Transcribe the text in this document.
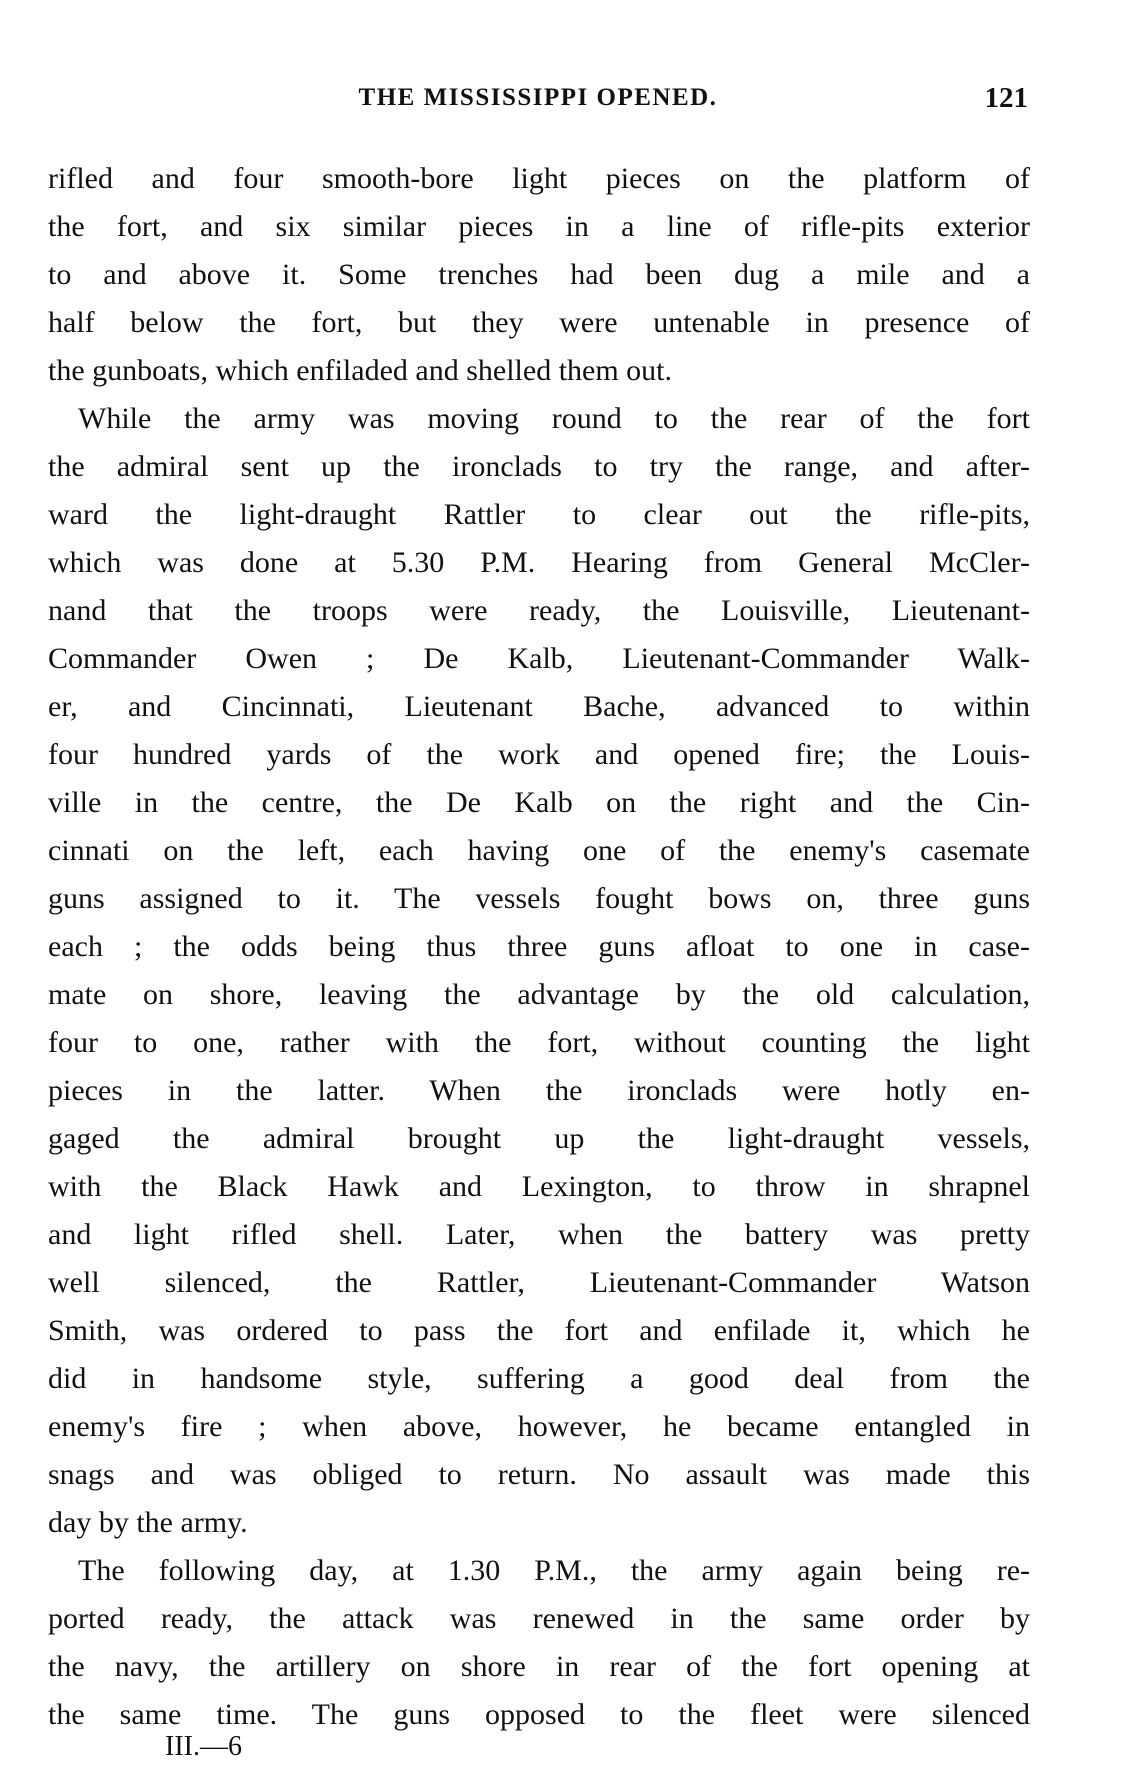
THE MISSISSIPPI OPENED.	121
rifled and four smooth-bore light pieces on the platform of
the fort, and six similar pieces in a line of rifle-pits exterior
to and above it. Some trenches had been dug a mile and a
half below the fort, but they were untenable in presence of
the gunboats, which enfiladed and shelled them out.
While the army was moving round to the rear of the fort
the admiral sent up the ironclads to try the range, and after-
ward the light-draught Rattler to clear out the rifle-pits,
which was done at 5.30 P.M. Hearing from General McCler-
nand that the troops were ready, the Louisville, Lieutenant-
Commander Owen ; De Kalb, Lieutenant-Commander Walk-
er, and Cincinnati, Lieutenant Bache, advanced to within
four hundred yards of the work and opened fire; the Louis-
ville in the centre, the De Kalb on the right and the Cin-
cinnati on the left, each having one of the enemy's casemate
guns assigned to it. The vessels fought bows on, three guns
each ; the odds being thus three guns afloat to one in case-
mate on shore, leaving the advantage by the old calculation,
four to one, rather with the fort, without counting the light
pieces in the latter. When the ironclads were hotly en-
gaged the admiral brought up the light-draught vessels,
with the Black Hawk and Lexington, to throw in shrapnel
and light rifled shell. Later, when the battery was pretty
well silenced, the Rattler, Lieutenant-Commander Watson
Smith, was ordered to pass the fort and enfilade it, which he
did in handsome style, suffering a good deal from the
enemy's fire ; when above, however, he became entangled in
snags and was obliged to return. No assault was made this
day by the army.
The following day, at 1.30 P.M., the army again being re-
ported ready, the attack was renewed in the same order by
the navy, the artillery on shore in rear of the fort opening at
the same time. The guns opposed to the fleet were silenced
III.—6
